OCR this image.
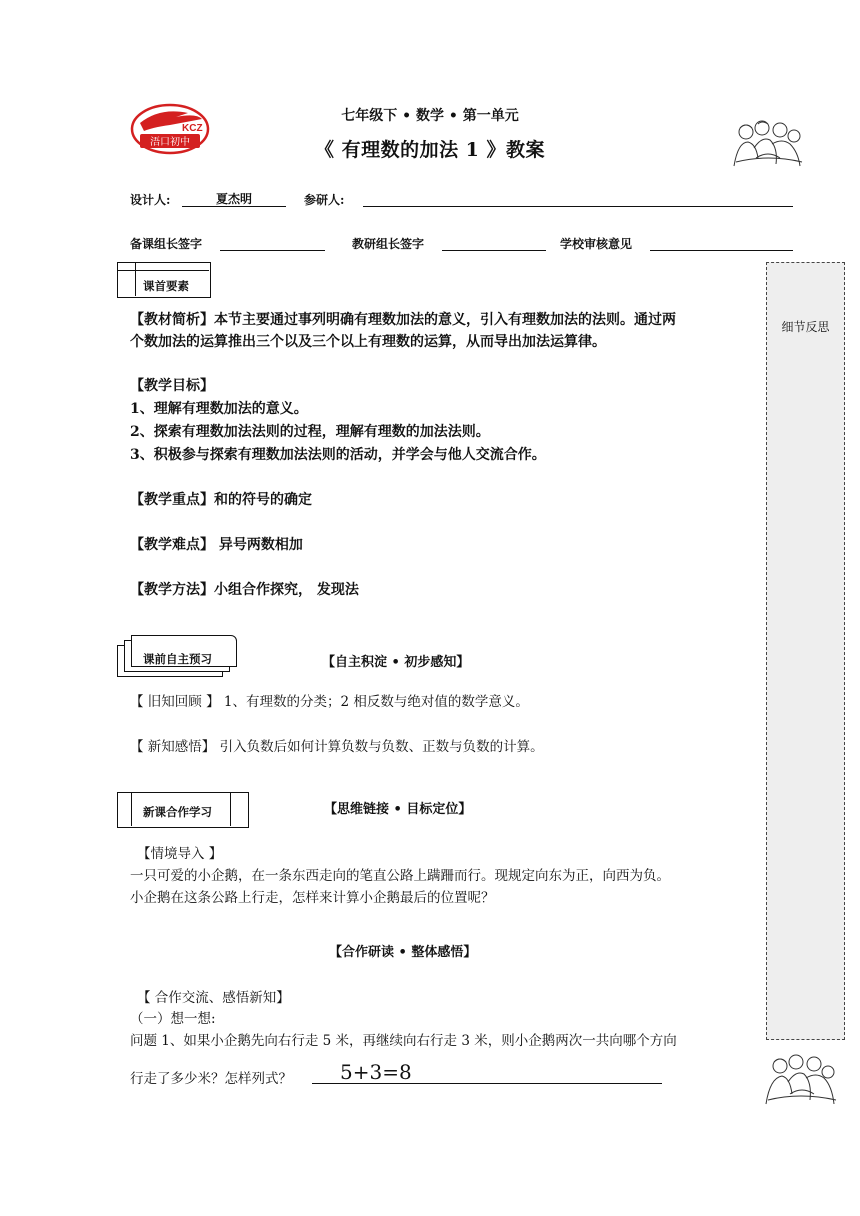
KCZ
浯口初中
七年级下 • 数学 • 第一单元
《 有理数的加法 1 》教案
设计人:	夏杰明	参研人:
备课组长签字	教研组长签字	学校审核意见
细节反思
课首要素
【教材简析】本节主要通过事列明确有理数加法的意义，引入有理数加法的法则。通过两
个数加法的运算推出三个以及三个以上有理数的运算，从而导出加法运算律。
【教学目标】
1、理解有理数加法的意义。
2、探索有理数加法法则的过程，理解有理数的加法法则。
3、积极参与探索有理数加法法则的活动，并学会与他人交流合作。
【教学重点】和的符号的确定
【教学难点】 异号两数相加
【教学方法】小组合作探究， 发现法
课前自主预习	【自主积淀 • 初步感知】
【 旧知回顾 】 1、有理数的分类；2 相反数与绝对值的数学意义。
【 新知感悟】 引入负数后如何计算负数与负数、正数与负数的计算。
新课合作学习	【思维链接 • 目标定位】
【情境导入 】
一只可爱的小企鹅，在一条东西走向的笔直公路上蹒跚而行。现规定向东为正，向西为负。
小企鹅在这条公路上行走，怎样来计算小企鹅最后的位置呢？
【合作研读 • 整体感悟】
【 合作交流、感悟新知】
（一）想一想:
问题 1、如果小企鹅先向右行走 5 米，再继续向右行走 3 米，则小企鹅两次一共向哪个方向
行走了多少米？怎样列式？ 5+3=8
